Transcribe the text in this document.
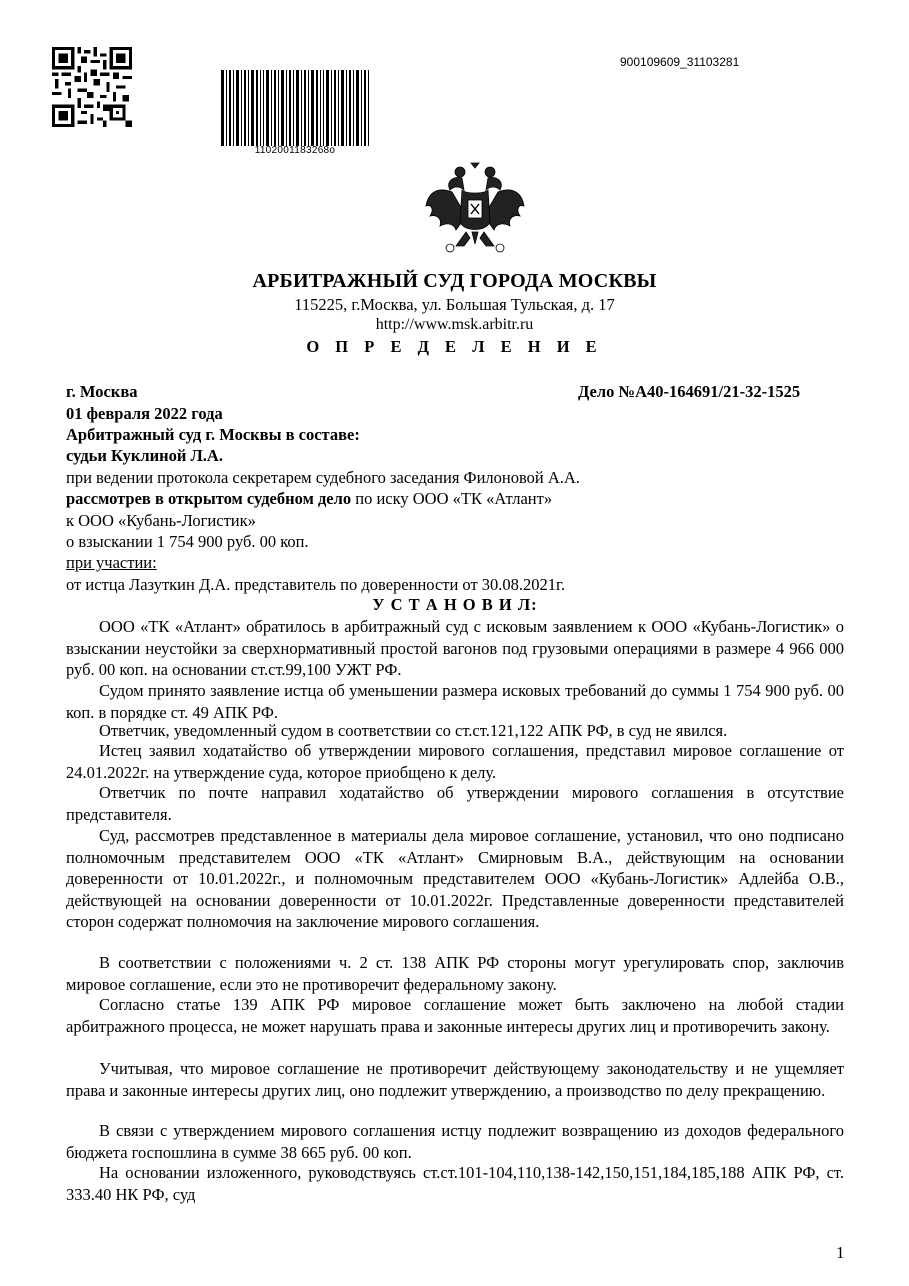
1102001183268о
900109609_31103281
АРБИТРАЖНЫЙ СУД ГОРОДА МОСКВЫ
115225, г.Москва, ул. Большая Тульская, д. 17
http://www.msk.arbitr.ru
О П Р Е Д Е Л Е Н И Е
г. Москва	Дело №А40-164691/21-32-1525
01 февраля 2022 года
Арбитражный суд г. Москвы в составе:
судьи Куклиной Л.А.
при ведении протокола секретарем судебного заседания Филоновой А.А.
рассмотрев в открытом судебном дело по иску ООО «ТК «Атлант»
к ООО «Кубань-Логистик»
о взыскании 1 754 900 руб. 00 коп.
при участии:
от истца Лазуткин Д.А. представитель по доверенности от 30.08.2021г.
У С Т А Н О В И Л:

ООО «ТК «Атлант» обратилось в арбитражный суд с исковым заявлением к ООО «Кубань-Логистик» о взыскании неустойки за сверхнормативный простой вагонов под грузовыми операциями в размере 4 966 000 руб. 00 коп. на основании ст.ст.99,100 УЖТ РФ.

Судом принято заявление истца об уменьшении размера исковых требований до суммы 1 754 900 руб. 00 коп. в порядке ст. 49 АПК РФ.

Ответчик, уведомленный судом в соответствии со ст.ст.121,122 АПК РФ, в суд не явился.

Истец заявил ходатайство об утверждении мирового соглашения, представил мировое соглашение от 24.01.2022г. на утверждение суда, которое приобщено к делу.

Ответчик по почте направил ходатайство об утверждении мирового соглашения в отсутствие представителя.

Суд, рассмотрев представленное в материалы дела мировое соглашение, установил, что оно подписано полномочным представителем ООО «ТК «Атлант» Смирновым В.А., действующим на основании доверенности от 10.01.2022г., и полномочным представителем ООО «Кубань-Логистик» Адлейба О.В., действующей на основании доверенности от 10.01.2022г. Представленные доверенности представителей сторон содержат полномочия на заключение мирового соглашения.

В соответствии с положениями ч. 2 ст. 138 АПК РФ стороны могут урегулировать спор, заключив мировое соглашение, если это не противоречит федеральному закону.

Согласно статье 139 АПК РФ мировое соглашение может быть заключено на любой стадии арбитражного процесса, не может нарушать права и законные интересы других лиц и противоречить закону.

Учитывая, что мировое соглашение не противоречит действующему законодательству и не ущемляет права и законные интересы других лиц, оно подлежит утверждению, а производство по делу прекращению.

В связи с утверждением мирового соглашения истцу подлежит возвращению из доходов федерального бюджета госпошлина в сумме 38 665 руб. 00 коп.

На основании изложенного, руководствуясь ст.ст.101-104,110,138-142,150,151,184,185,188 АПК РФ, ст. 333.40 НК РФ, суд

1
